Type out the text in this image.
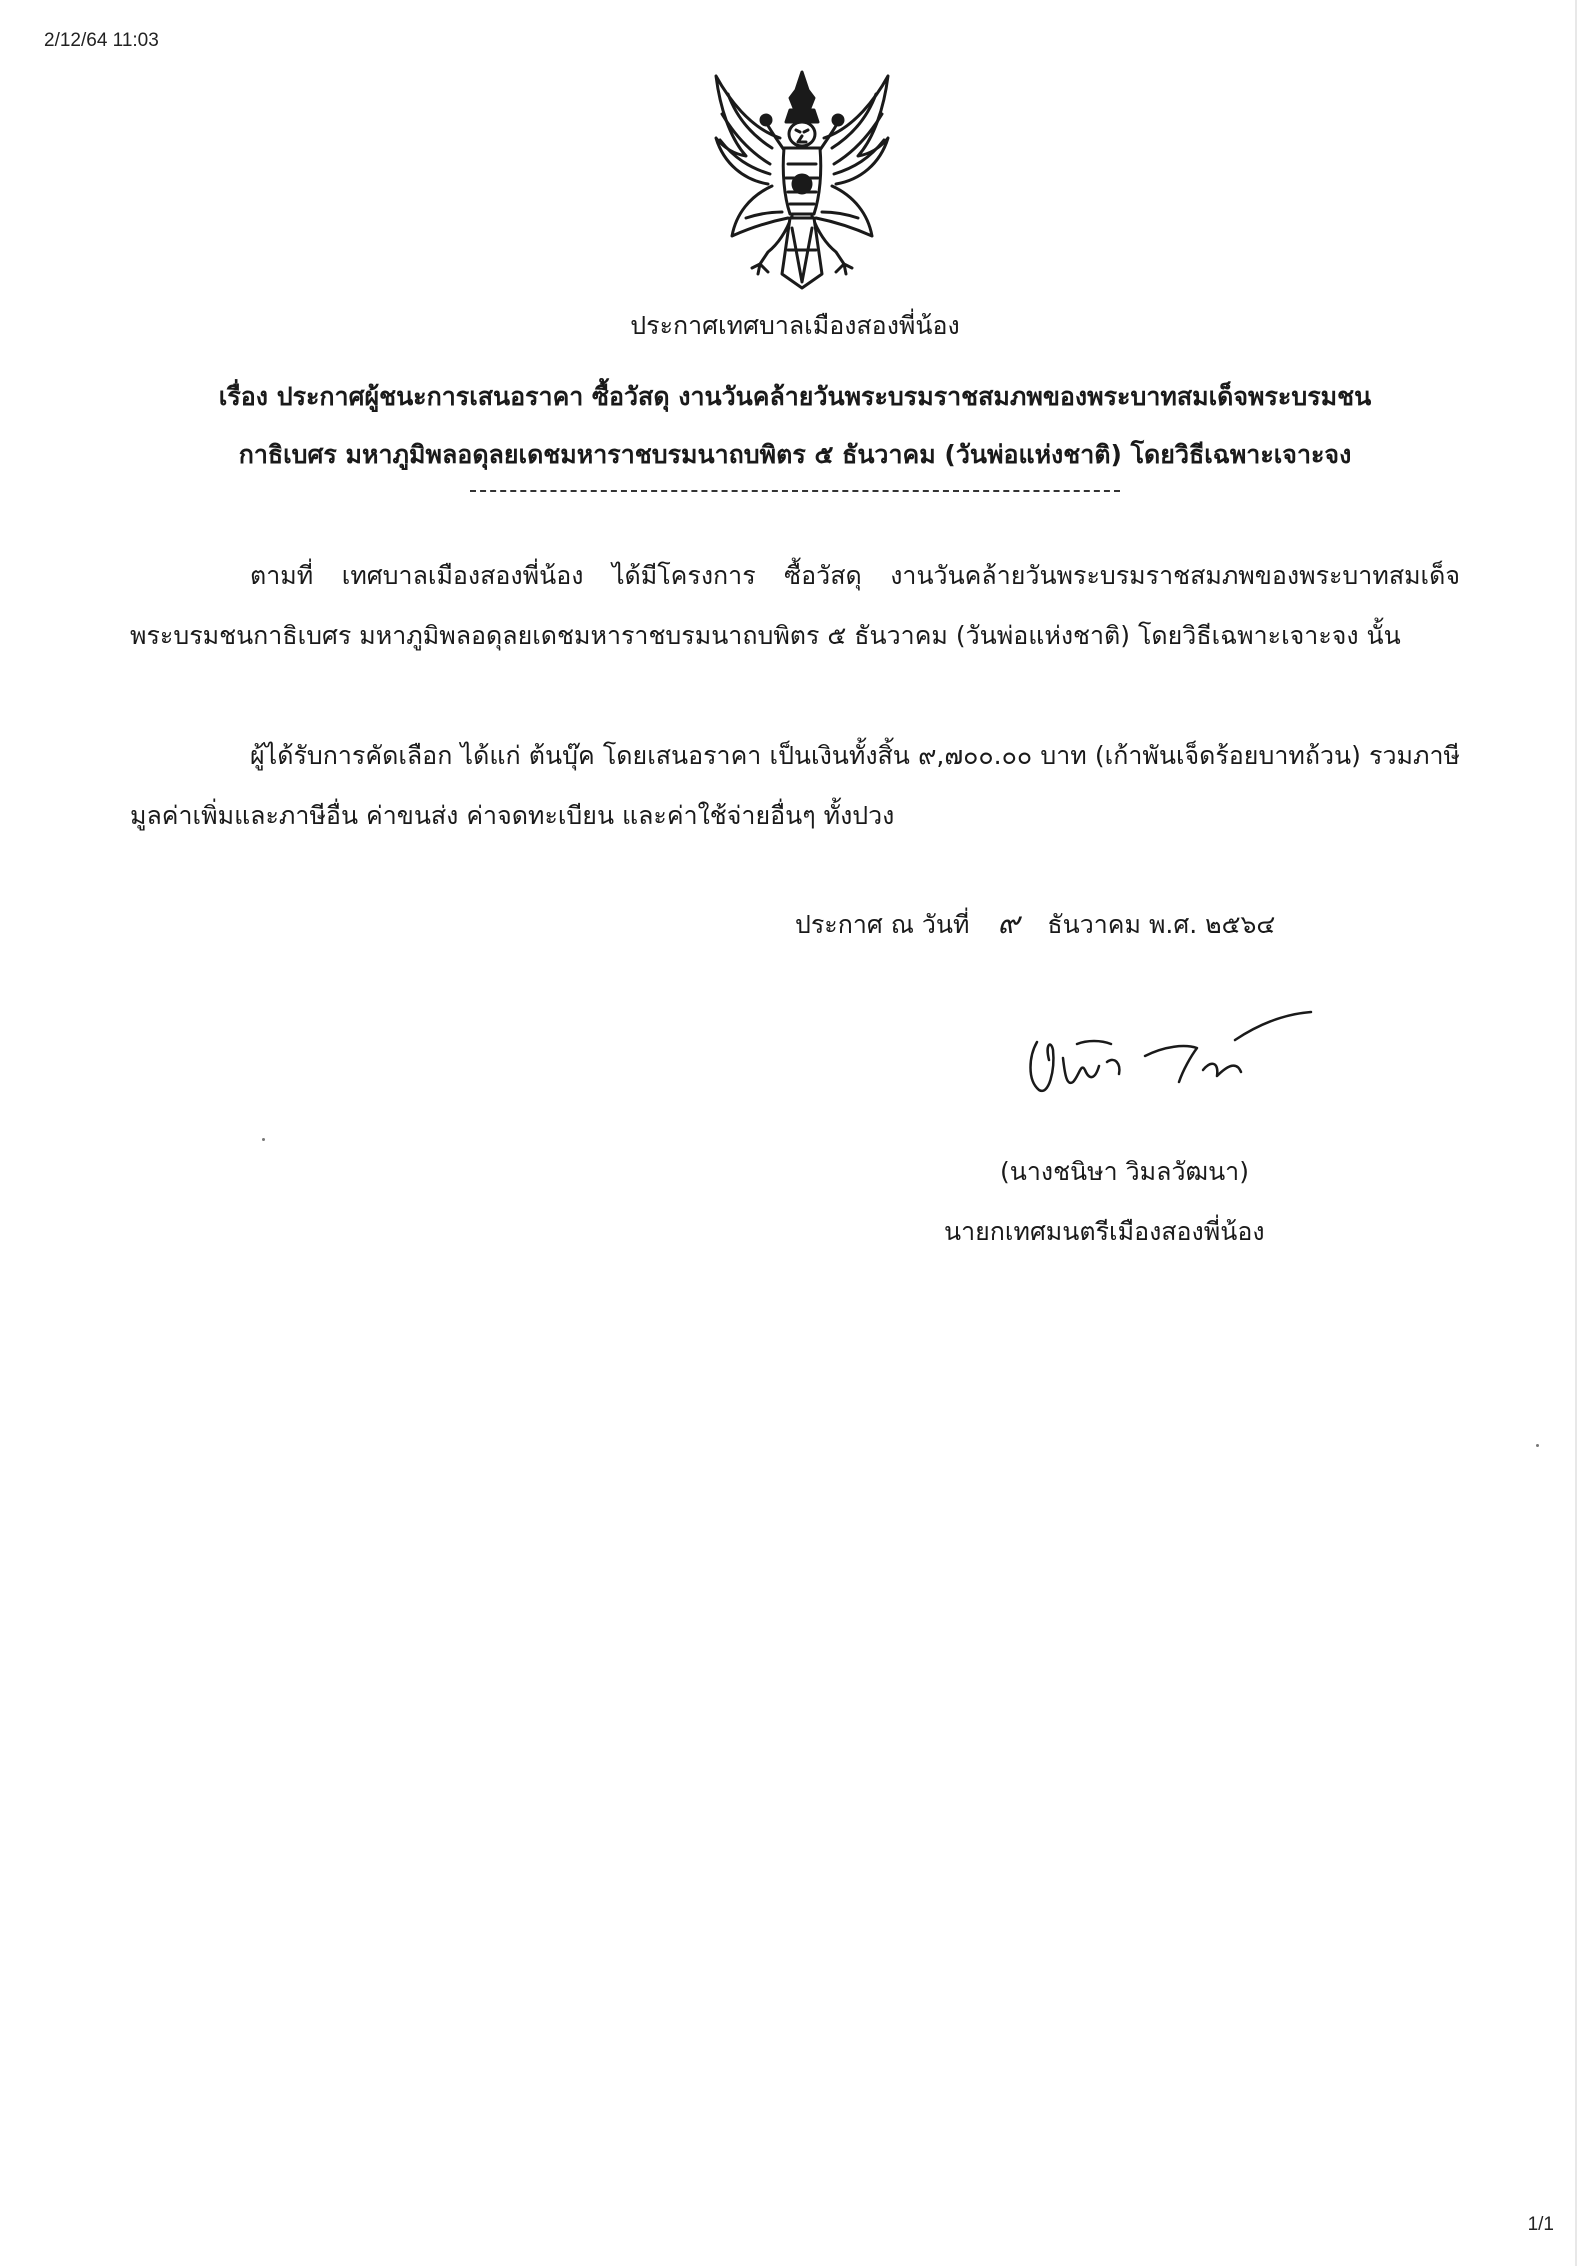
2/12/64 11:03
ประกาศเทศบาลเมืองสองพี่น้อง
เรื่อง ประกาศผู้ชนะการเสนอราคา ซื้อวัสดุ งานวันคล้ายวันพระบรมราชสมภพของพระบาทสมเด็จพระบรมชน
กาธิเบศร มหาภูมิพลอดุลยเดชมหาราชบรมนาถบพิตร ๕ ธันวาคม (วันพ่อแห่งชาติ) โดยวิธีเฉพาะเจาะจง
ตามที่ เทศบาลเมืองสองพี่น้อง ได้มีโครงการ ซื้อวัสดุ งานวันคล้ายวันพระบรมราชสมภพของพระบาทสมเด็จพระบรมชนกาธิเบศร มหาภูมิพลอดุลยเดชมหาราชบรมนาถบพิตร ๕ ธันวาคม (วันพ่อแห่งชาติ) โดยวิธีเฉพาะเจาะจง นั้น
ผู้ได้รับการคัดเลือก ได้แก่ ต้นบุ๊ค โดยเสนอราคา เป็นเงินทั้งสิ้น ๙,๗๐๐.๐๐ บาท (เก้าพันเจ็ดร้อยบาทถ้วน) รวมภาษีมูลค่าเพิ่มและภาษีอื่น ค่าขนส่ง ค่าจดทะเบียน และค่าใช้จ่ายอื่นๆ ทั้งปวง
ประกาศ ณ วันที่ ๙ ธันวาคม พ.ศ. ๒๕๖๔
(นางชนิษา วิมลวัฒนา)
นายกเทศมนตรีเมืองสองพี่น้อง
1/1
